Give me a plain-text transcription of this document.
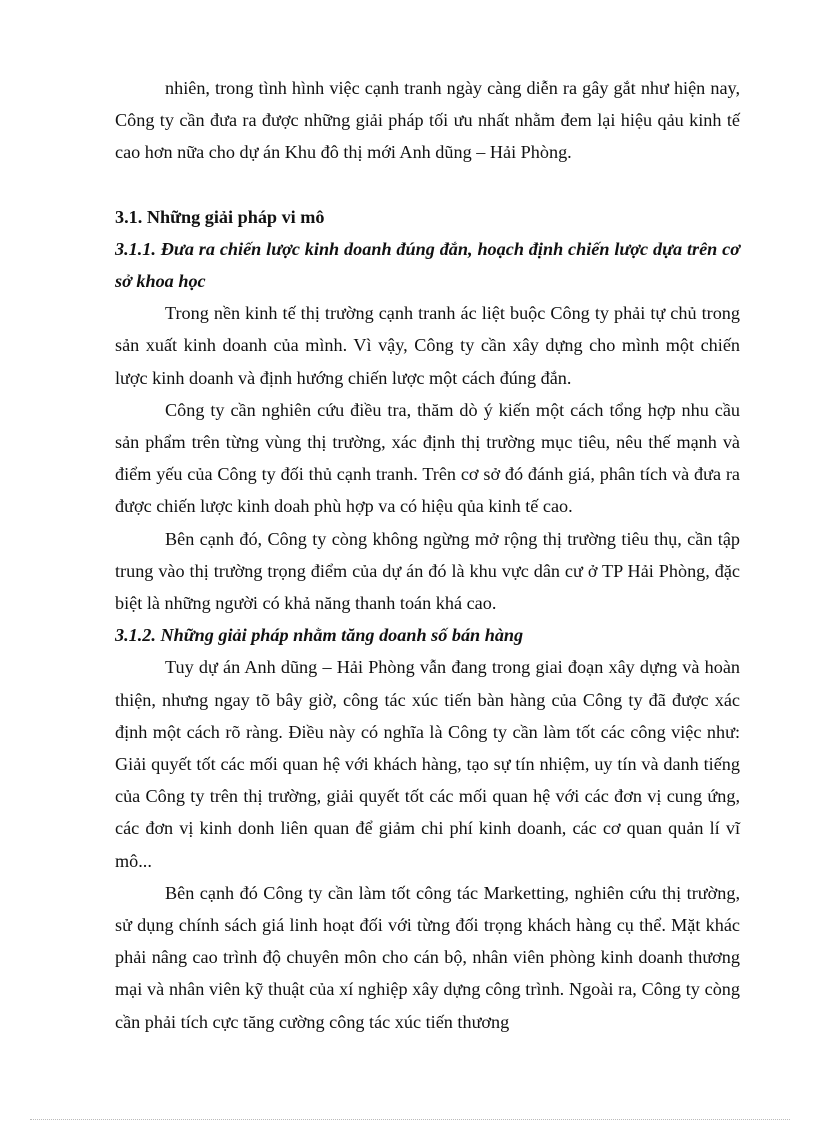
nhiên, trong tình hình việc cạnh tranh ngày càng diễn ra gây gắt như hiện nay, Công ty cần đưa ra được những giải pháp tối ưu nhất nhằm đem lại hiệu qảu kinh tế cao hơn nữa cho dự án Khu đô thị mới Anh dũng – Hải Phòng.

3.1. Những giải pháp vi mô

3.1.1. Đưa ra chiến lược kinh doanh đúng đắn, hoạch định chiến lược dựa trên cơ sở khoa học

Trong nền kinh tế thị trường cạnh tranh ác liệt buộc Công ty phải tự chủ trong sản xuất kinh doanh của mình. Vì vậy, Công ty cần xây dựng cho mình một chiến lược kinh doanh và định hướng chiến lược một cách đúng đắn.

Công ty cần nghiên cứu điều tra, thăm dò ý kiến một cách tổng hợp nhu cầu sản phẩm trên từng vùng thị trường, xác định thị trường mục tiêu, nêu thế mạnh và điểm yếu của Công ty đối thủ cạnh tranh. Trên cơ sở đó đánh giá, phân tích và đưa ra được chiến lược kinh doah phù hợp va có hiệu qủa kinh tế cao.

Bên cạnh đó, Công ty còng không ngừng mở rộng thị trường tiêu thụ, cần tập trung vào thị trường trọng điểm của dự án đó là khu vực dân cư ở TP Hải Phòng, đặc biệt là những người có khả năng thanh toán khá cao.

3.1.2. Những giải pháp nhằm tăng doanh số bán hàng

Tuy dự án Anh dũng – Hải Phòng vẫn đang trong giai đoạn xây dựng và hoàn thiện, nhưng ngay tõ bây giờ, công tác xúc tiến bàn hàng của Công ty đã được xác định một cách rõ ràng. Điều này có nghĩa là Công ty cần làm tốt các công việc như: Giải quyết tốt các mối quan hệ với khách hàng, tạo sự tín nhiệm, uy tín và danh tiếng của Công ty trên thị trường, giải quyết tốt các mối quan hệ với các đơn vị cung ứng, các đơn vị kinh donh liên quan để giảm chi phí kinh doanh, các cơ quan quản lí vĩ mô...

Bên cạnh đó Công ty cần làm tốt công tác Marketting, nghiên cứu thị trường, sử dụng chính sách giá linh hoạt đối với từng đối trọng khách hàng cụ thể. Mặt khác phải nâng cao trình độ chuyên môn cho cán bộ, nhân viên phòng kinh doanh thương mại và nhân viên kỹ thuật của xí nghiệp xây dựng công trình. Ngoài ra, Công ty còng cần phải tích cực tăng cường công tác xúc tiến thương
